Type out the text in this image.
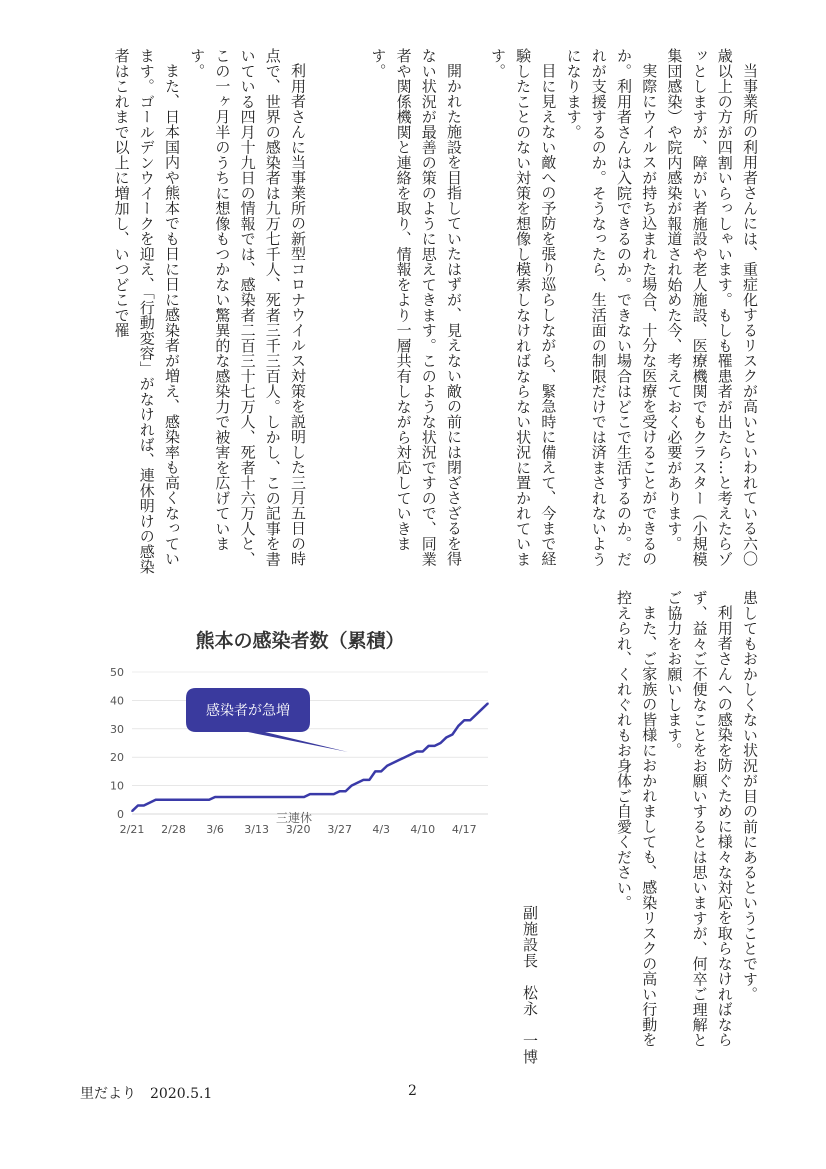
当事業所の利用者さんには、重症化するリスクが高いといわれている六〇歳以上の方が四割いらっしゃいます。もしも罹患者が出たら…と考えたらゾッとしますが、障がい者施設や老人施設、医療機関でもクラスター（小規模集団感染）や院内感染が報道され始めた今、考えておく必要があります。

実際にウイルスが持ち込まれた場合、十分な医療を受けることができるのか。利用者さんは入院できるのか。できない場合はどこで生活するのか。だれが支援するのか。そうなったら、生活面の制限だけでは済まされないようになります。

目に見えない敵への予防を張り巡らしながら、緊急時に備えて、今まで経験したことのない対策を想像し模索しなければならない状況に置かれています。

開かれた施設を目指していたはずが、見えない敵の前には閉ざさざるを得ない状況が最善の策のように思えてきます。このような状況ですので、同業者や関係機関と連絡を取り、情報をより一層共有しながら対応していきます。

利用者さんに当事業所の新型コロナウイルス対策を説明した三月五日の時点で、世界の感染者は九万七千人、死者三千三百人。しかし、この記事を書いている四月十九日の情報では、感染者二百三十七万人、死者十六万人と、この一ヶ月半のうちに想像もつかない驚異的な感染力で被害を広げています。

また、日本国内や熊本でも日に日に感染者が増え、感染率も高くなっています。ゴールデンウイークを迎え、「行動変容」がなければ、連休明けの感染者はこれまで以上に増加し、いつどこで罹

患してもおかしくない状況が目の前にあるということです。

利用者さんへの感染を防ぐために様々な対応を取らなければならず、益々ご不便なことをお願いするとは思いますが、何卒ご理解とご協力をお願いします。

また、ご家族の皆様におかれましても、感染リスクの高い行動を控えられ、くれぐれもお身体ご自愛ください。

副施設長　松永　一博
熊本の感染者数（累積）
0
10
20
30
40
50
2/21 2/28 3/6 3/13 3/20 3/27 4/3 4/10 4/17
感染者が急増
三連休
里だより　2020.5.1	2
